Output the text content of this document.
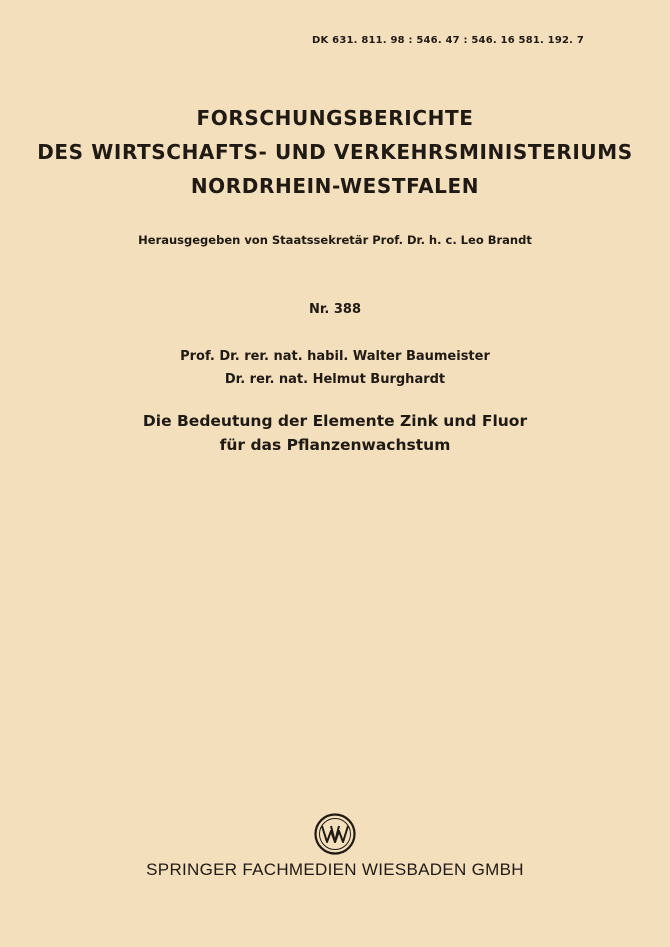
DK 631. 811. 98 : 546. 47 : 546. 16 581. 192. 7
FORSCHUNGSBERICHTE
DES WIRTSCHAFTS- UND VERKEHRSMINISTERIUMS
NORDRHEIN-WESTFALEN
Herausgegeben von Staatssekretär Prof. Dr. h. c. Leo Brandt
Nr. 388
Prof. Dr. rer. nat. habil. Walter Baumeister
Dr. rer. nat. Helmut Burghardt
Die Bedeutung der Elemente Zink und Fluor
für das Pflanzenwachstum
SPRINGER FACHMEDIEN WIESBADEN GMBH
